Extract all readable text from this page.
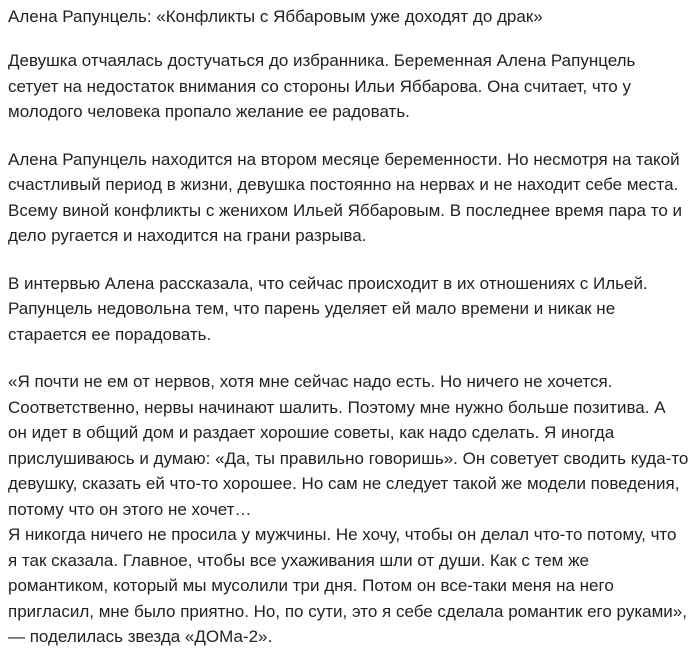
Алена Рапунцель: «Конфликты с Яббаровым уже доходят до драк»

Девушка отчаялась достучаться до избранника. Беременная Алена Рапунцель сетует на недостаток внимания со стороны Ильи Яббарова. Она считает, что у молодого человека пропало желание ее радовать.

Алена Рапунцель находится на втором месяце беременности. Но несмотря на такой счастливый период в жизни, девушка постоянно на нервах и не находит себе места. Всему виной конфликты с женихом Ильей Яббаровым. В последнее время пара то и дело ругается и находится на грани разрыва.

В интервью Алена рассказала, что сейчас происходит в их отношениях с Ильей. Рапунцель недовольна тем, что парень уделяет ей мало времени и никак не старается ее порадовать.

«Я почти не ем от нервов, хотя мне сейчас надо есть. Но ничего не хочется. Соответственно, нервы начинают шалить. Поэтому мне нужно больше позитива. А он идет в общий дом и раздает хорошие советы, как надо сделать. Я иногда прислушиваюсь и думаю: «Да, ты правильно говоришь». Он советует сводить куда-то девушку, сказать ей что-то хорошее. Но сам не следует такой же модели поведения, потому что он этого не хочет…

Я никогда ничего не просила у мужчины. Не хочу, чтобы он делал что-то потому, что я так сказала. Главное, чтобы все ухаживания шли от души. Как с тем же романтиком, который мы мусолили три дня. Потом он все-таки меня на него пригласил, мне было приятно. Но, по сути, это я себе сделала романтик его руками», — поделилась звезда «ДОМа-2».
